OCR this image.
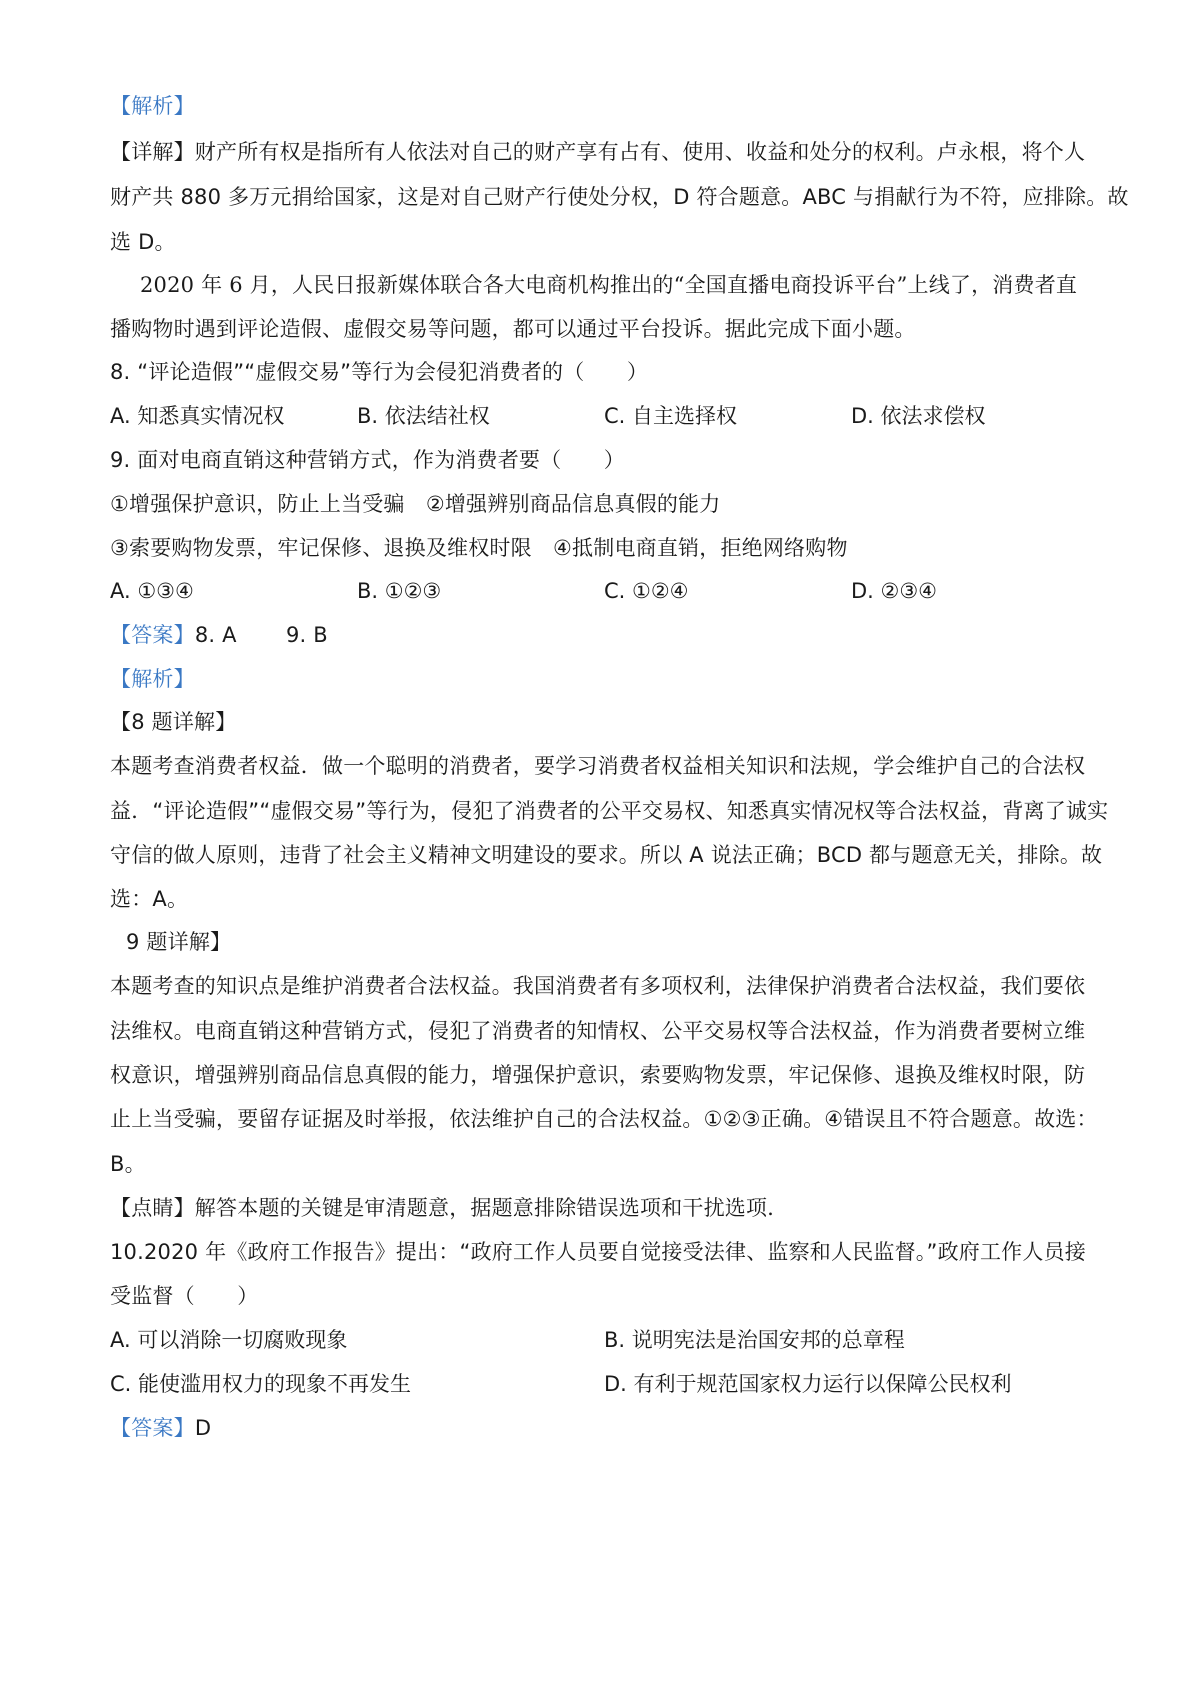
【解析】
【详解】财产所有权是指所有人依法对自己的财产享有占有、使用、收益和处分的权利。卢永根，将个人
财产共 880 多万元捐给国家，这是对自己财产行使处分权，D 符合题意。ABC 与捐献行为不符，应排除。故
选 D。
2020 年 6 月，人民日报新媒体联合各大电商机构推出的“全国直播电商投诉平台”上线了，消费者直
播购物时遇到评论造假、虚假交易等问题，都可以通过平台投诉。据此完成下面小题。
8. “评论造假”“虚假交易”等行为会侵犯消费者的（　　）
A. 知悉真实情况权	B. 依法结社权	C. 自主选择权	D. 依法求偿权
9. 面对电商直销这种营销方式，作为消费者要（　　）
①增强保护意识，防止上当受骗　②增强辨别商品信息真假的能力
③索要购物发票，牢记保修、退换及维权时限　④抵制电商直销，拒绝网络购物
A. ①③④	B. ①②③	C. ①②④	D. ②③④
【答案】8. A　　 9. B
【解析】
【8 题详解】
本题考查消费者权益．做一个聪明的消费者，要学习消费者权益相关知识和法规，学会维护自己的合法权
益．“评论造假”“虚假交易”等行为，侵犯了消费者的公平交易权、知悉真实情况权等合法权益，背离了诚实
守信的做人原则，违背了社会主义精神文明建设的要求。所以 A 说法正确；BCD 都与题意无关，排除。故
选：A。
9 题详解】
本题考查的知识点是维护消费者合法权益。我国消费者有多项权利，法律保护消费者合法权益，我们要依
法维权。电商直销这种营销方式，侵犯了消费者的知情权、公平交易权等合法权益，作为消费者要树立维
权意识，增强辨别商品信息真假的能力，增强保护意识，索要购物发票，牢记保修、退换及维权时限，防
止上当受骗，要留存证据及时举报，依法维护自己的合法权益。①②③正确。④错误且不符合题意。故选：
B。
【点睛】解答本题的关键是审清题意，据题意排除错误选项和干扰选项．
10.2020 年《政府工作报告》提出：“政府工作人员要自觉接受法律、监察和人民监督。”政府工作人员接
受监督（　　）
A. 可以消除一切腐败现象	B. 说明宪法是治国安邦的总章程
C. 能使滥用权力的现象不再发生	D. 有利于规范国家权力运行以保障公民权利
【答案】D
